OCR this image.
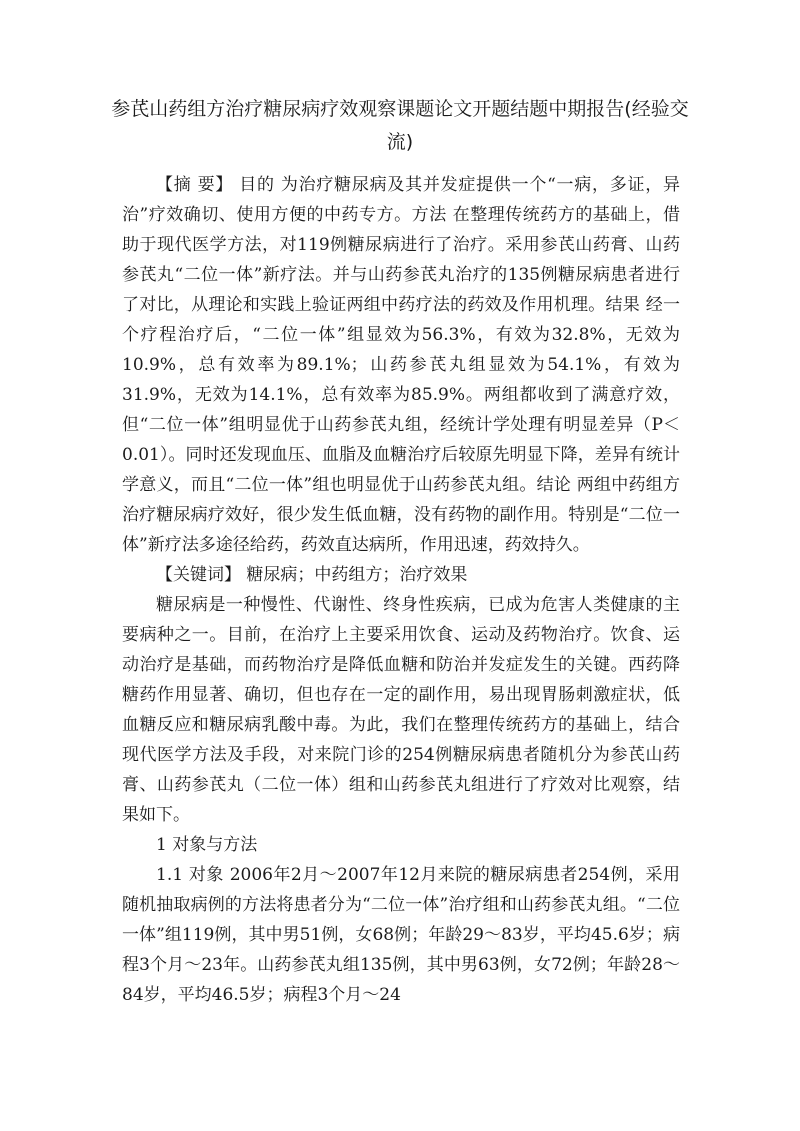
参芪山药组方治疗糖尿病疗效观察课题论文开题结题中期报告(经验交流)

【摘 要】 目的 为治疗糖尿病及其并发症提供一个“一病，多证，异治”疗效确切、使用方便的中药专方。方法 在整理传统药方的基础上，借助于现代医学方法，对119例糖尿病进行了治疗。采用参芪山药膏、山药参芪丸“二位一体”新疗法。并与山药参芪丸治疗的135例糖尿病患者进行了对比，从理论和实践上验证两组中药疗法的药效及作用机理。结果 经一个疗程治疗后，“二位一体”组显效为56.3%，有效为32.8%，无效为10.9%，总有效率为89.1%；山药参芪丸组显效为54.1%，有效为31.9%，无效为14.1%，总有效率为85.9%。两组都收到了满意疗效，但“二位一体”组明显优于山药参芪丸组，经统计学处理有明显差异（P＜0.01）。同时还发现血压、血脂及血糖治疗后较原先明显下降，差异有统计学意义，而且“二位一体”组也明显优于山药参芪丸组。结论 两组中药组方治疗糖尿病疗效好，很少发生低血糖，没有药物的副作用。特别是“二位一体”新疗法多途径给药，药效直达病所，作用迅速，药效持久。

【关键词】 糖尿病；中药组方；治疗效果

糖尿病是一种慢性、代谢性、终身性疾病，已成为危害人类健康的主要病种之一。目前，在治疗上主要采用饮食、运动及药物治疗。饮食、运动治疗是基础，而药物治疗是降低血糖和防治并发症发生的关键。西药降糖药作用显著、确切，但也存在一定的副作用，易出现胃肠刺激症状，低血糖反应和糖尿病乳酸中毒。为此，我们在整理传统药方的基础上，结合现代医学方法及手段，对来院门诊的254例糖尿病患者随机分为参芪山药膏、山药参芪丸（二位一体）组和山药参芪丸组进行了疗效对比观察，结果如下。

1 对象与方法

1.1 对象 2006年2月～2007年12月来院的糖尿病患者254例，采用随机抽取病例的方法将患者分为“二位一体”治疗组和山药参芪丸组。“二位一体”组119例，其中男51例，女68例；年龄29～83岁，平均45.6岁；病程3个月～23年。山药参芪丸组135例，其中男63例，女72例；年龄28～84岁，平均46.5岁；病程3个月～24
